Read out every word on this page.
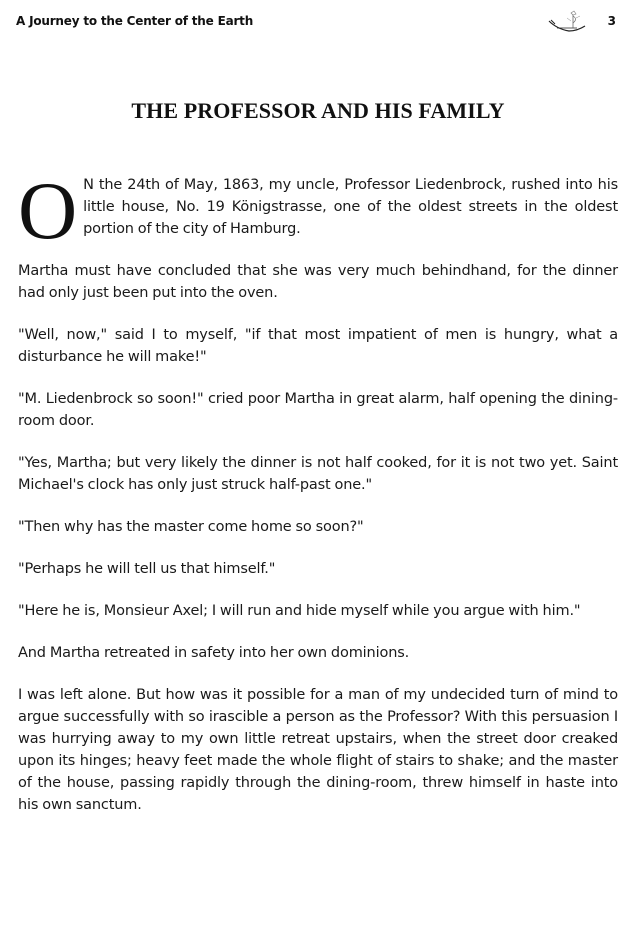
A Journey to the Center of the Earth	3
THE PROFESSOR AND HIS FAMILY

O N the 24th of May, 1863, my uncle, Professor Liedenbrock, rushed into his little house, No. 19 Königstrasse, one of the oldest streets in the oldest portion of the city of Hamburg.

Martha must have concluded that she was very much behindhand, for the dinner had only just been put into the oven.

"Well, now," said I to myself, "if that most impatient of men is hungry, what a disturbance he will make!"

"M. Liedenbrock so soon!" cried poor Martha in great alarm, half opening the dining-room door.

"Yes, Martha; but very likely the dinner is not half cooked, for it is not two yet. Saint Michael's clock has only just struck half-past one."

"Then why has the master come home so soon?"

"Perhaps he will tell us that himself."

"Here he is, Monsieur Axel; I will run and hide myself while you argue with him."

And Martha retreated in safety into her own dominions.

I was left alone. But how was it possible for a man of my undecided turn of mind to argue successfully with so irascible a person as the Professor? With this persuasion I was hurrying away to my own little retreat upstairs, when the street door creaked upon its hinges; heavy feet made the whole flight of stairs to shake; and the master of the house, passing rapidly through the dining-room, threw himself in haste into his own sanctum.
